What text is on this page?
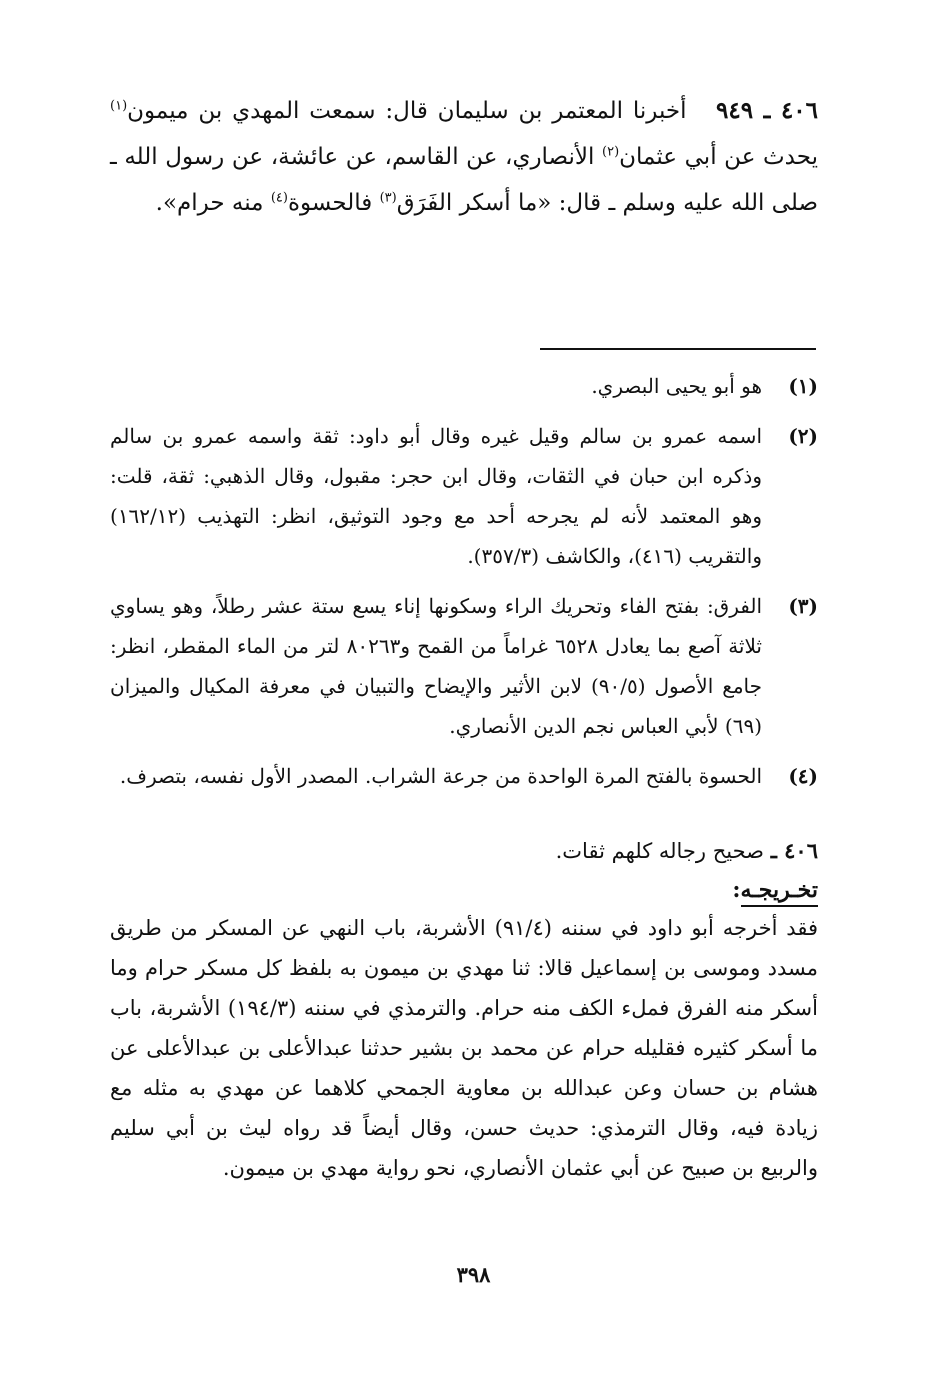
٤٠٦ ـ ٩٤٩   أخبرنا المعتمر بن سليمان قال: سمعت المهدي بن ميمون$^{(١)}$ يحدث عن أبي عثمان$^{(٢)}$ الأنصاري، عن القاسم، عن عائشة، عن رسول الله ـ صلى الله عليه وسلم ـ قال: «ما أسكر الفَرَق$^{(٣)}$ فالحسوة$^{(٤)}$ منه حرام».

(١)
هو أبو يحيى البصري.
(٢)
اسمه عمرو بن سالم وقيل غيره وقال أبو داود: ثقة واسمه عمرو بن سالم وذكره ابن حبان في الثقات، وقال ابن حجر: مقبول، وقال الذهبي: ثقة، قلت: وهو المعتمد لأنه لم يجرحه أحد مع وجود التوثيق، انظر: التهذيب (١٦٢/١٢) والتقريب (٤١٦)، والكاشف (٣٥٧/٣).
(٣)
الفرق: بفتح الفاء وتحريك الراء وسكونها إناء يسع ستة عشر رطلاً، وهو يساوي ثلاثة آصع بما يعادل ٦٥٢٨ غراماً من القمح و٨٠٢٦٣ لتر من الماء المقطر، انظر: جامع الأصول (٩٠/٥) لابن الأثير والإيضاح والتبيان في معرفة المكيال والميزان (٦٩) لأبي العباس نجم الدين الأنصاري.
(٤)
الحسوة بالفتح المرة الواحدة من جرعة الشراب. المصدر الأول نفسه، بتصرف.

٤٠٦ ـ صحيح رجاله كلهم ثقات.

تخـريجـه:

فقد أخرجه أبو داود في سننه (٩١/٤) الأشربة، باب النهي عن المسكر من طريق مسدد وموسى بن إسماعيل قالا: ثنا مهدي بن ميمون به بلفظ كل مسكر حرام وما أسكر منه الفرق فملء الكف منه حرام. والترمذي في سننه (١٩٤/٣) الأشربة، باب ما أسكر كثيره فقليله حرام عن محمد بن بشير حدثنا عبدالأعلى بن عبدالأعلى عن هشام بن حسان وعن عبدالله بن معاوية الجمحي كلاهما عن مهدي به مثله مع زيادة فيه، وقال الترمذي: حديث حسن، وقال أيضاً قد رواه ليث بن أبي سليم والربيع بن صبيح عن أبي عثمان الأنصاري، نحو رواية مهدي بن ميمون.

٣٩٨
